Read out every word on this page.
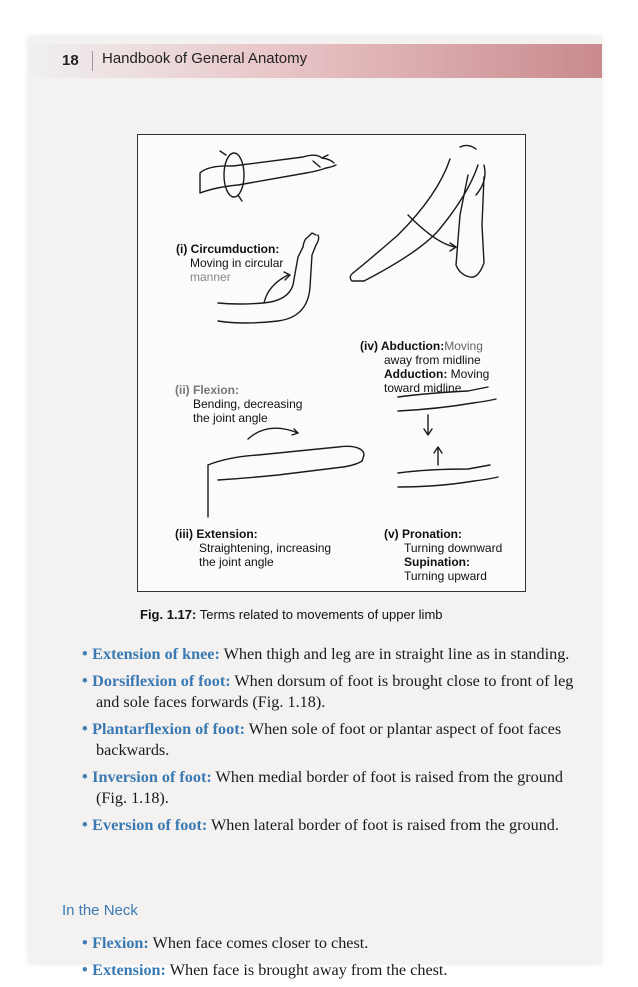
18 Handbook of General Anatomy
(i) Circumduction:
Moving in circular
manner
(iv) Abduction:Moving
away from midline
Adduction: Moving
toward midline
(ii) Flexion:
Bending, decreasing
the joint angle
(iii) Extension:
Straightening, increasing
the joint angle
(v) Pronation:
Turning downward
Supination:
Turning upward
Fig. 1.17: Terms related to movements of upper limb
• Extension of knee: When thigh and leg are in straight line as in standing.
• Dorsiflexion of foot: When dorsum of foot is brought close to front of leg and sole faces forwards (Fig. 1.18).
• Plantarflexion of foot: When sole of foot or plantar aspect of foot faces backwards.
• Inversion of foot: When medial border of foot is raised from the ground (Fig. 1.18).
• Eversion of foot: When lateral border of foot is raised from the ground.
In the Neck
• Flexion: When face comes closer to chest.
• Extension: When face is brought away from the chest.
